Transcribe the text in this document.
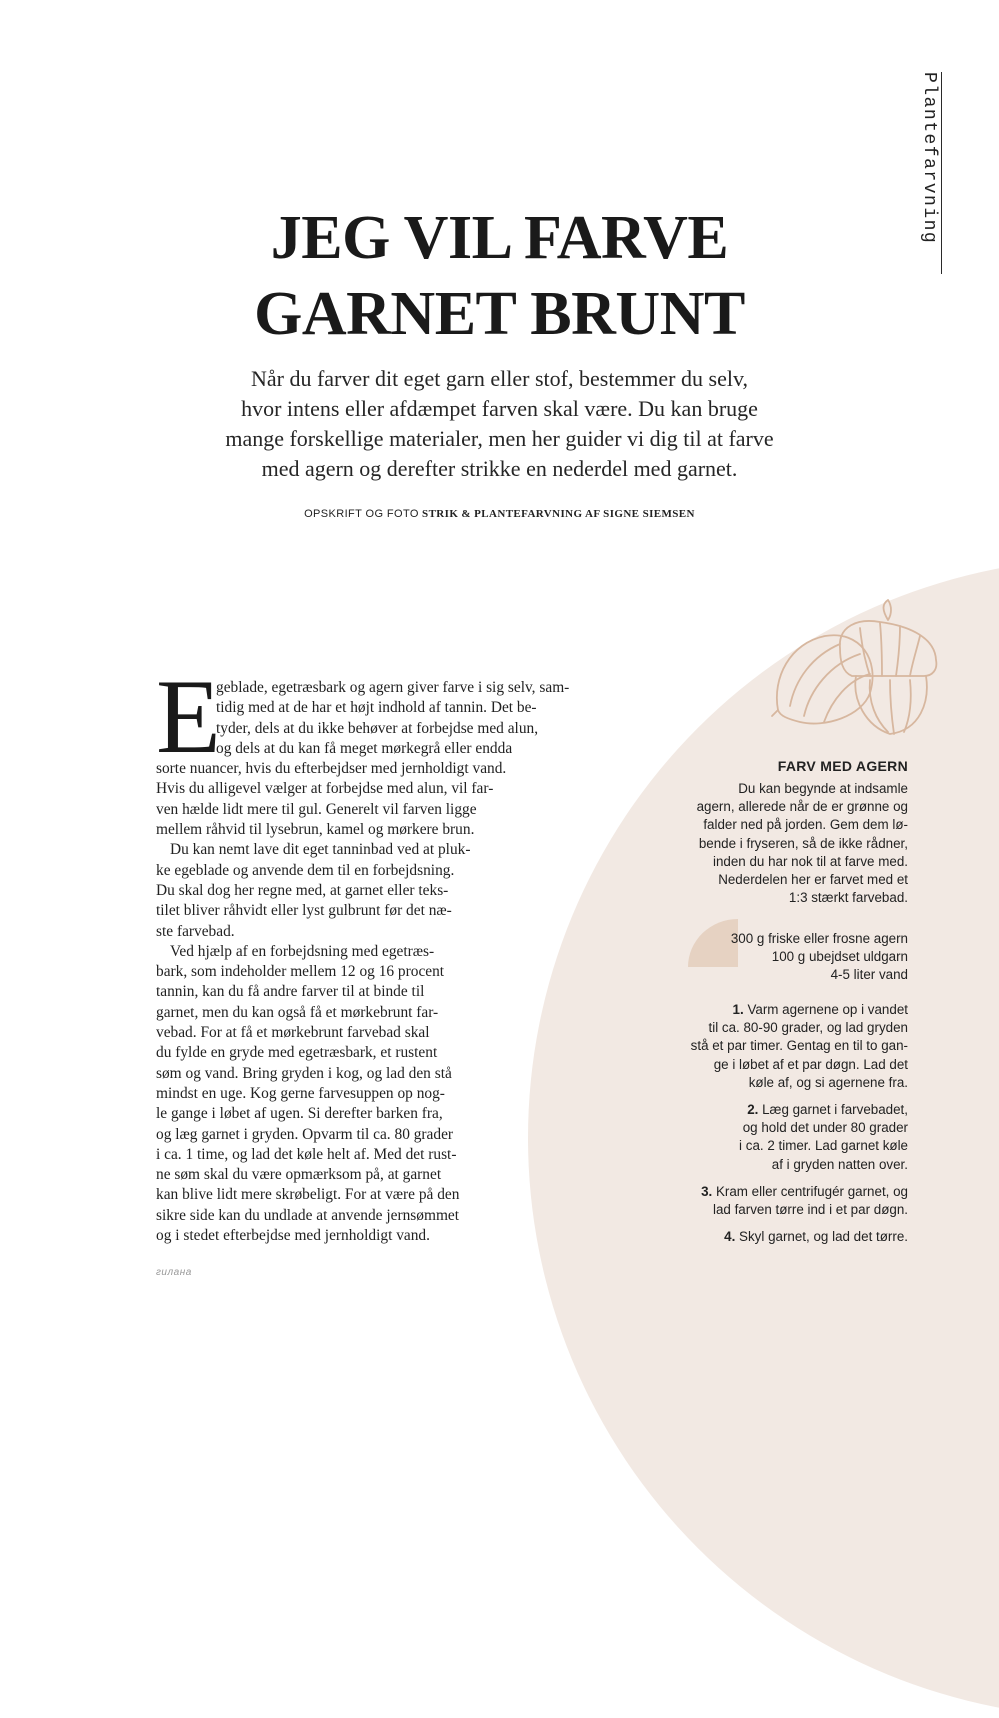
Plantefarvning
JEG VIL FARVE
GARNET BRUNT
Når du farver dit eget garn eller stof, bestemmer du selv,
hvor intens eller afdæmpet farven skal være. Du kan bruge
mange forskellige materialer, men her guider vi dig til at farve
med agern og derefter strikke en nederdel med garnet.
OPSKRIFT OG FOTO STRIK & PLANTEFARVNING AF SIGNE SIEMSEN
E
geblade, egetræsbark og agern giver farve i sig selv, sam-
tidig med at de har et højt indhold af tannin. Det be-
tyder, dels at du ikke behøver at forbejdse med alun,
og dels at du kan få meget mørkegrå eller endda
sorte nuancer, hvis du efterbejdser med jernholdigt vand.
Hvis du alligevel vælger at forbejdse med alun, vil far-
ven hælde lidt mere til gul. Generelt vil farven ligge
mellem råhvid til lysebrun, kamel og mørkere brun.
Du kan nemt lave dit eget tanninbad ved at pluk-
ke egeblade og anvende dem til en forbejdsning.
Du skal dog her regne med, at garnet eller teks-
tilet bliver råhvidt eller lyst gulbrunt før det næ-
ste farvebad.
Ved hjælp af en forbejdsning med egetræs-
bark, som indeholder mellem 12 og 16 procent
tannin, kan du få andre farver til at binde til
garnet, men du kan også få et mørkebrunt far-
vebad. For at få et mørkebrunt farvebad skal
du fylde en gryde med egetræsbark, et rustent
søm og vand. Bring gryden i kog, og lad den stå
mindst en uge. Kog gerne farvesuppen op nog-
le gange i løbet af ugen. Si derefter barken fra,
og læg garnet i gryden. Opvarm til ca. 80 grader
i ca. 1 time, og lad det køle helt af. Med det rust-
ne søm skal du være opmærksom på, at garnet
kan blive lidt mere skrøbeligt. For at være på den
sikre side kan du undlade at anvende jernsømmet
og i stedet efterbejdse med jernholdigt vand.
FARV MED AGERN
Du kan begynde at indsamle
agern, allerede når de er grønne og
falder ned på jorden. Gem dem lø-
bende i fryseren, så de ikke rådner,
inden du har nok til at farve med.
Nederdelen her er farvet med et
1:3 stærkt farvebad.
300 g friske eller frosne agern
100 g ubejdset uldgarn
4-5 liter vand
1. Varm agernene op i vandet
til ca. 80-90 grader, og lad gryden
stå et par timer. Gentag en til to gan-
ge i løbet af et par døgn. Lad det
køle af, og si agernene fra.
2. Læg garnet i farvebadet,
og hold det under 80 grader
i ca. 2 timer. Lad garnet køle
af i gryden natten over.
3. Kram eller centrifugér garnet, og
lad farven tørre ind i et par døgn.
4. Skyl garnet, og lad det tørre.
гилана
